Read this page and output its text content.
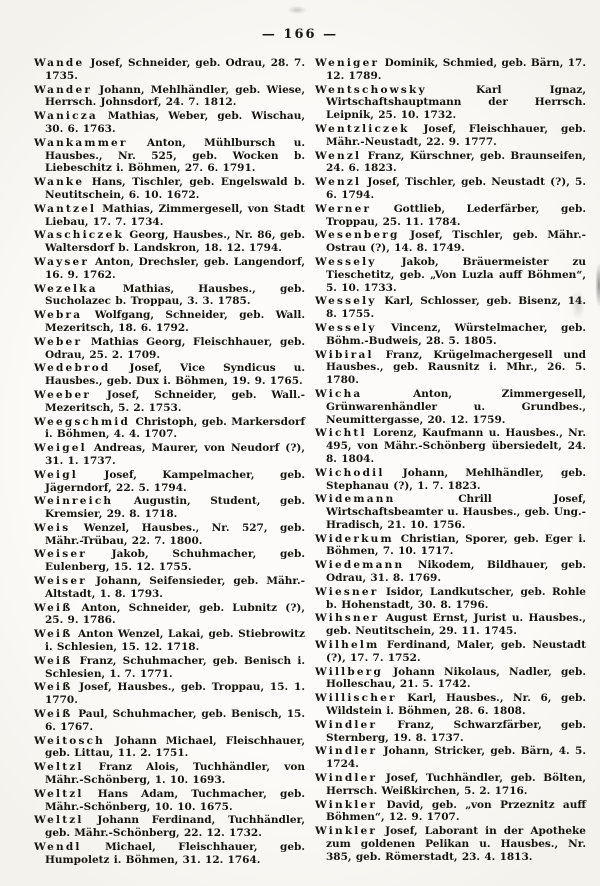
— 166 —

Wande Josef, Schneider, geb. Odrau, 28. 7. 1735.

Wander Johann, Mehlhändler, geb. Wiese, Herrsch. Johnsdorf, 24. 7. 1812.

Wanicza Mathias, Weber, geb. Wischau, 30. 6. 1763.

Wankammer Anton, Mühlbursch u. Hausbes., Nr. 525, geb. Wocken b. Liebeschitz i. Böhmen, 27. 6. 1791.

Wanke Hans, Tischler, geb. Engelswald b. Neutitschein, 6. 10. 1672.

Wantzel Mathias, Zimmergesell, von Stadt Liebau, 17. 7. 1734.

Waschiczek Georg, Hausbes., Nr. 86, geb. Waltersdorf b. Landskron, 18. 12. 1794.

Wayser Anton, Drechsler, geb. Langendorf, 16. 9. 1762.

Wezelka Mathias, Hausbes., geb. Sucholazec b. Troppau, 3. 3. 1785.

Webra Wolfgang, Schneider, geb. Wall. Mezeritsch, 18. 6. 1792.

Weber Mathias Georg, Fleischhauer, geb. Odrau, 25. 2. 1709.

Wedebrod Josef, Vice Syndicus u. Hausbes., geb. Dux i. Böhmen, 19. 9. 1765.

Weeber Josef, Schneider, geb. Wall.-Mezeritsch, 5. 2. 1753.

Weegschmid Christoph, geb. Markersdorf i. Böhmen, 4. 4. 1707.

Weigel Andreas, Maurer, von Neudorf (?), 31. 1. 1737.

Weigl	Josef, Kampelmacher, geb. Jägerndorf, 22. 5. 1794.

Weinreich Augustin, Student, geb. Kremsier, 29. 8. 1718.

Weis Wenzel, Hausbes., Nr. 527, geb. Mähr.-Trübau, 22. 7. 1800.

Weiser Jakob, Schuhmacher, geb. Eulenberg, 15. 12. 1755.

Weiser Johann, Seifensieder, geb. Mähr.-Altstadt, 1. 8. 1793.

Weiß Anton, Schneider, geb. Lubnitz (?), 25. 9. 1786.

Weiß Anton Wenzel, Lakai, geb. Stiebrowitz i. Schlesien, 15. 12. 1718.

Weiß Franz, Schuhmacher, geb. Benisch i. Schlesien, 1. 7. 1771.

Weiß Josef, Hausbes., geb. Troppau, 15. 1. 1770.

Weiß Paul, Schuhmacher, geb. Benisch, 15. 6. 1767.

Weitosch Johann Michael, Fleischhauer, geb. Littau, 11. 2. 1751.

Weltzl Franz Alois, Tuchhändler, von Mähr.-Schönberg, 1. 10. 1693.

Weltzl Hans Adam, Tuchmacher, geb. Mähr.-Schönberg, 10. 10. 1675.

Weltzl Johann Ferdinand, Tuchhändler, geb. Mähr.-Schönberg, 22. 12. 1732.

Wendl Michael, Fleischhauer, geb. Humpoletz i. Böhmen, 31. 12. 1764.

Weniger Dominik, Schmied, geb. Bärn, 17. 12. 1789.

Wentschowsky	Karl Ignaz, Wirtschaftshauptmann der Herrsch. Leipnik, 25. 10. 1732.

Wentzliczek Josef, Fleischhauer, geb. Mähr.-Neustadt, 22. 9. 1777.

Wenzl Franz, Kürschner, geb. Braunseifen, 24. 6. 1823.

Wenzl Josef, Tischler, geb. Neustadt (?), 5. 6. 1794.

Werner Gottlieb, Lederfärber, geb. Troppau, 25. 11. 1784.

Wesenberg Josef, Tischler, geb. Mähr.-Ostrau (?), 14. 8. 1749.

Wessely Jakob, Bräuermeister zu Tieschetitz, geb. „Von Luzla auff Böhmen“, 5. 10. 1733.

Wessely Karl, Schlosser, geb. Bisenz, 14. 8. 1755.

Wessely Vincenz, Würstelmacher, geb. Böhm.-Budweis, 28. 5. 1805.

Wibiral Franz, Krügelmachergesell und Hausbes., geb. Rausnitz i. Mhr., 26. 5. 1780.

Wicha	Anton, Zimmergesell, Grünwarenhändler u. Grundbes., Neumittergasse, 20. 12. 1759.

Wichtl Lorenz, Kaufmann u. Hausbes., Nr. 495, von Mähr.-Schönberg übersiedelt, 24. 8. 1804.

Wichodil Johann, Mehlhändler, geb. Stephanau (?), 1. 7. 1823.

Widemann	Chrill Josef, Wirtschaftsbeamter u. Hausbes., geb. Ung.-Hradisch, 21. 10. 1756.

Widerkum Christian, Sporer, geb. Eger i. Böhmen, 7. 10. 1717.

Wiedemann Nikodem, Bildhauer, geb. Odrau, 31. 8. 1769.

Wiesner Isidor, Landkutscher, geb. Rohle b. Hohenstadt, 30. 8. 1796.

Wihsner August Ernst, Jurist u. Hausbes., geb. Neutitschein, 29. 11. 1745.

Wilhelm Ferdinand, Maler, geb. Neustadt (?), 17. 7. 1752.

Willberg Johann Nikolaus, Nadler, geb. Holleschau, 21. 5. 1742.

Willischer Karl, Hausbes., Nr. 6, geb. Wildstein i. Böhmen, 28. 6. 1808.

Windler Franz, Schwarzfärber, geb. Sternberg, 19. 8. 1737.

Windler Johann, Stricker, geb. Bärn, 4. 5. 1724.

Windler Josef, Tuchhändler, geb. Bölten, Herrsch. Weißkirchen, 5. 2. 1716.

Winkler David, geb. „von Przeznitz auff Böhmen“, 12. 9. 1707.

Winkler Josef, Laborant in der Apotheke zum goldenen Pelikan u. Hausbes., Nr. 385, geb. Römerstadt, 23. 4. 1813.
